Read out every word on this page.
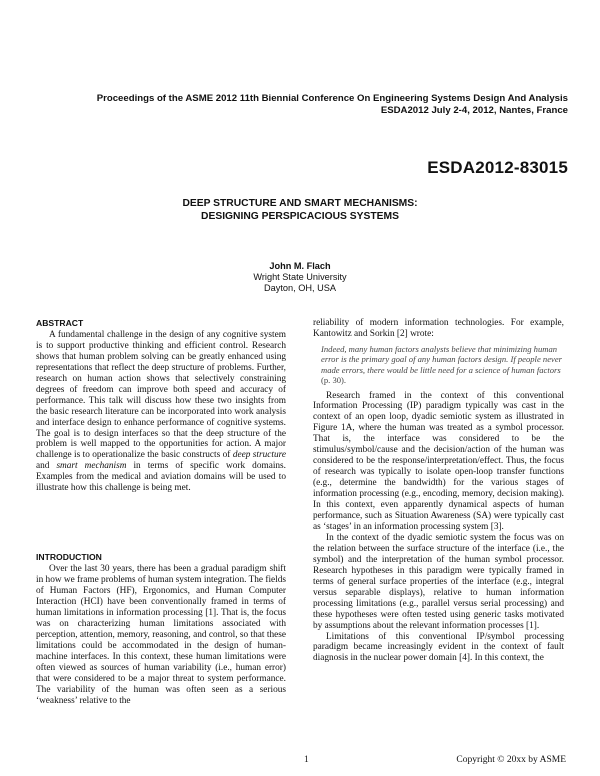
Proceedings of the ASME 2012 11th Biennial Conference On Engineering Systems Design And Analysis ESDA2012 July 2-4, 2012, Nantes, France
ESDA2012-83015
DEEP STRUCTURE AND SMART MECHANISMS:
DESIGNING PERSPICACIOUS SYSTEMS
John M. Flach
Wright State University
Dayton, OH, USA
ABSTRACT

A fundamental challenge in the design of any cognitive system is to support productive thinking and efficient control. Research shows that human problem solving can be greatly enhanced using representations that reflect the deep structure of problems. Further, research on human action shows that selectively constraining degrees of freedom can improve both speed and accuracy of performance. This talk will discuss how these two insights from the basic research literature can be incorporated into work analysis and interface design to enhance performance of cognitive systems. The goal is to design interfaces so that the deep structure of the problem is well mapped to the opportunities for action. A major challenge is to operationalize the basic constructs of deep structure and smart mechanism in terms of specific work domains. Examples from the medical and aviation domains will be used to illustrate how this challenge is being met.

INTRODUCTION

Over the last 30 years, there has been a gradual paradigm shift in how we frame problems of human system integration. The fields of Human Factors (HF), Ergonomics, and Human Computer Interaction (HCI) have been conventionally framed in terms of human limitations in information processing [1]. That is, the focus was on characterizing human limitations associated with perception, attention, memory, reasoning, and control, so that these limitations could be accommodated in the design of human-machine interfaces. In this context, these human limitations were often viewed as sources of human variability (i.e., human error) that were considered to be a major threat to system performance. The variability of the human was often seen as a serious ‘weakness’ relative to the

reliability of modern information technologies. For example, Kantowitz and Sorkin [2] wrote:

Indeed, many human factors analysts believe that minimizing human error is the primary goal of any human factors design. If people never made errors, there would be little need for a science of human factors (p. 30).

Research framed in the context of this conventional Information Processing (IP) paradigm typically was cast in the context of an open loop, dyadic semiotic system as illustrated in Figure 1A, where the human was treated as a symbol processor. That is, the interface was considered to be the stimulus/symbol/cause and the decision/action of the human was considered to be the response/interpretation/effect. Thus, the focus of research was typically to isolate open-loop transfer functions (e.g., determine the bandwidth) for the various stages of information processing (e.g., encoding, memory, decision making). In this context, even apparently dynamical aspects of human performance, such as Situation Awareness (SA) were typically cast as ‘stages’ in an information processing system [3].

In the context of the dyadic semiotic system the focus was on the relation between the surface structure of the interface (i.e., the symbol) and the interpretation of the human symbol processor. Research hypotheses in this paradigm were typically framed in terms of general surface properties of the interface (e.g., integral versus separable displays), relative to human information processing limitations (e.g., parallel versus serial processing) and these hypotheses were often tested using generic tasks motivated by assumptions about the relevant information processes [1].

Limitations of this conventional IP/symbol processing paradigm became increasingly evident in the context of fault diagnosis in the nuclear power domain [4]. In this context, the

1	Copyright © 20xx by ASME
